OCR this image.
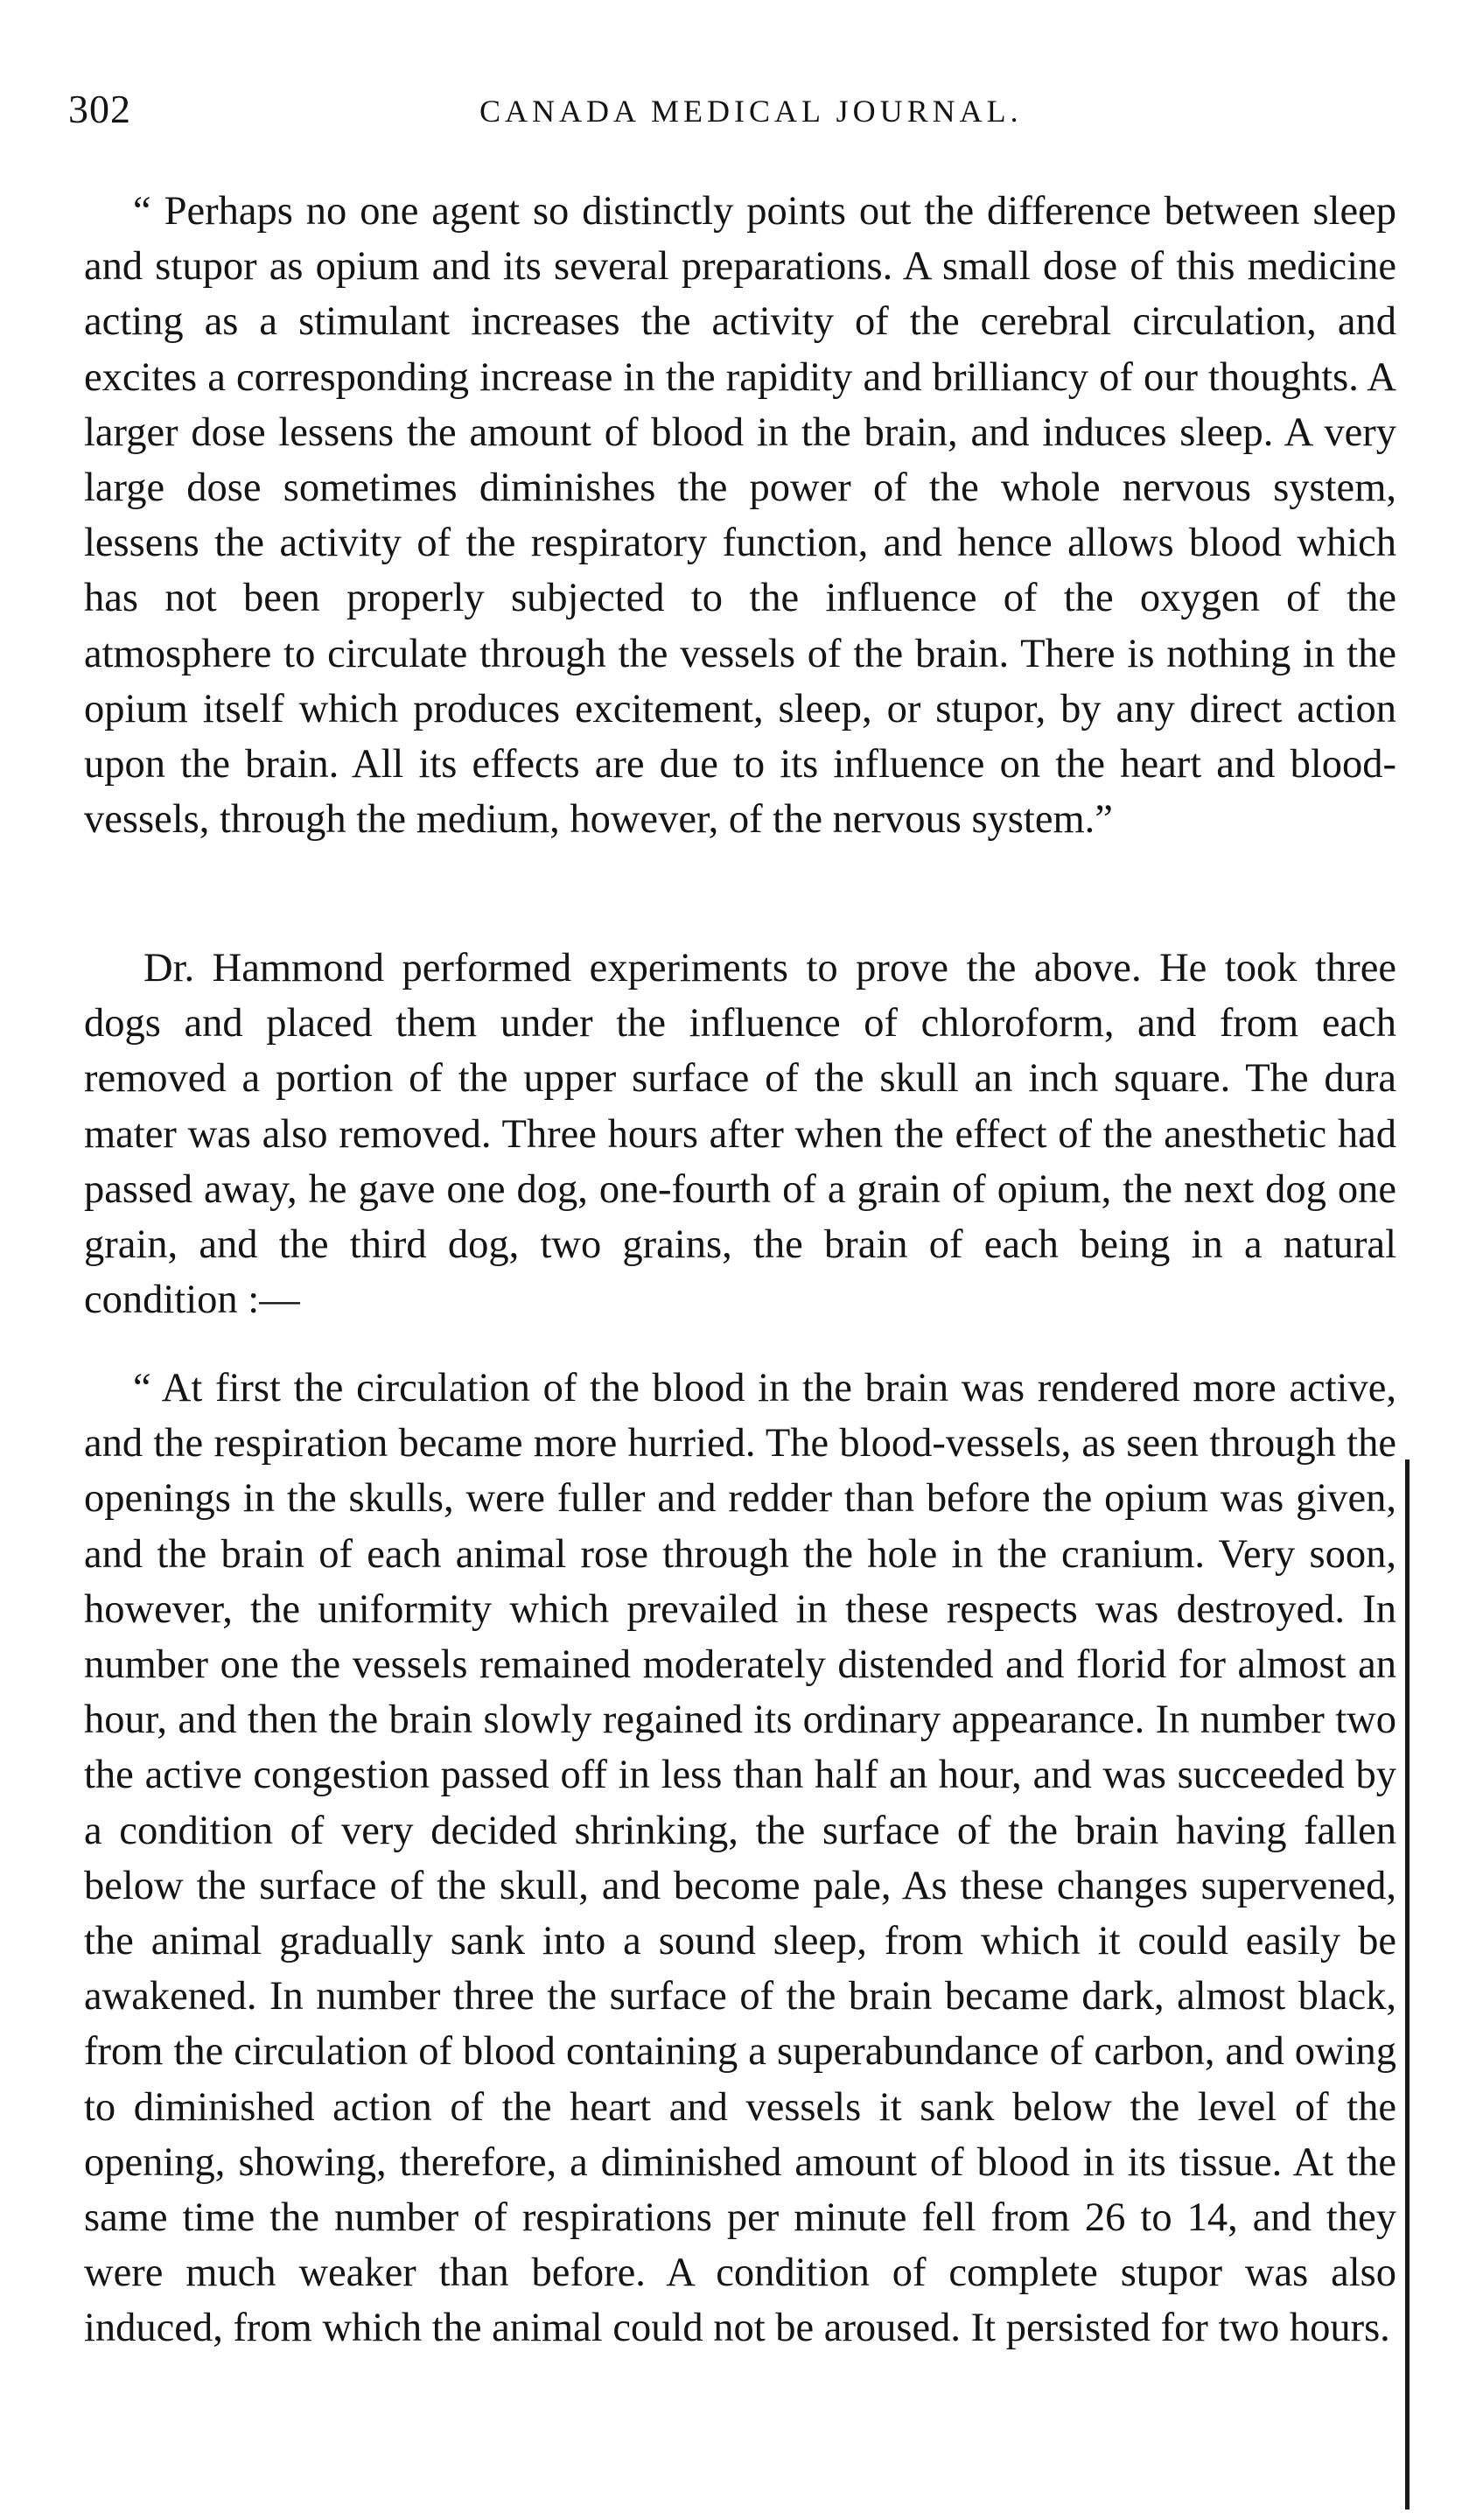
302	CANADA MEDICAL JOURNAL.

“ Perhaps no one agent so distinctly points out the difference between sleep and stupor as opium and its several preparations. A small dose of this medicine acting as a stimulant increases the activity of the cerebral circulation, and excites a corresponding increase in the rapidity and brilliancy of our thoughts. A larger dose lessens the amount of blood in the brain, and induces sleep. A very large dose sometimes diminishes the power of the whole nervous system, lessens the activity of the respiratory function, and hence allows blood which has not been properly subjected to the influence of the oxygen of the atmosphere to circulate through the vessels of the brain. There is nothing in the opium itself which produces excitement, sleep, or stupor, by any direct action upon the brain. All its effects are due to its influence on the heart and blood-vessels, through the medium, however, of the nervous system.”

Dr. Hammond performed experiments to prove the above. He took three dogs and placed them under the influence of chloroform, and from each removed a portion of the upper surface of the skull an inch square. The dura mater was also removed. Three hours after when the effect of the anesthetic had passed away, he gave one dog, one-fourth of a grain of opium, the next dog one grain, and the third dog, two grains, the brain of each being in a natural condition :—

“ At first the circulation of the blood in the brain was rendered more active, and the respiration became more hurried. The blood-vessels, as seen through the openings in the skulls, were fuller and redder than before the opium was given, and the brain of each animal rose through the hole in the cranium. Very soon, however, the uniformity which prevailed in these respects was destroyed. In number one the vessels remained moderately distended and florid for almost an hour, and then the brain slowly regained its ordinary appearance. In number two the active congestion passed off in less than half an hour, and was succeeded by a condition of very decided shrinking, the surface of the brain having fallen below the surface of the skull, and become pale, As these changes supervened, the animal gradually sank into a sound sleep, from which it could easily be awakened. In number three the surface of the brain became dark, almost black, from the circulation of blood containing a superabundance of carbon, and owing to diminished action of the heart and vessels it sank below the level of the opening, showing, therefore, a diminished amount of blood in its tissue. At the same time the number of respirations per minute fell from 26 to 14, and they were much weaker than before. A condition of complete stupor was also induced, from which the animal could not be aroused. It persisted for two hours.
